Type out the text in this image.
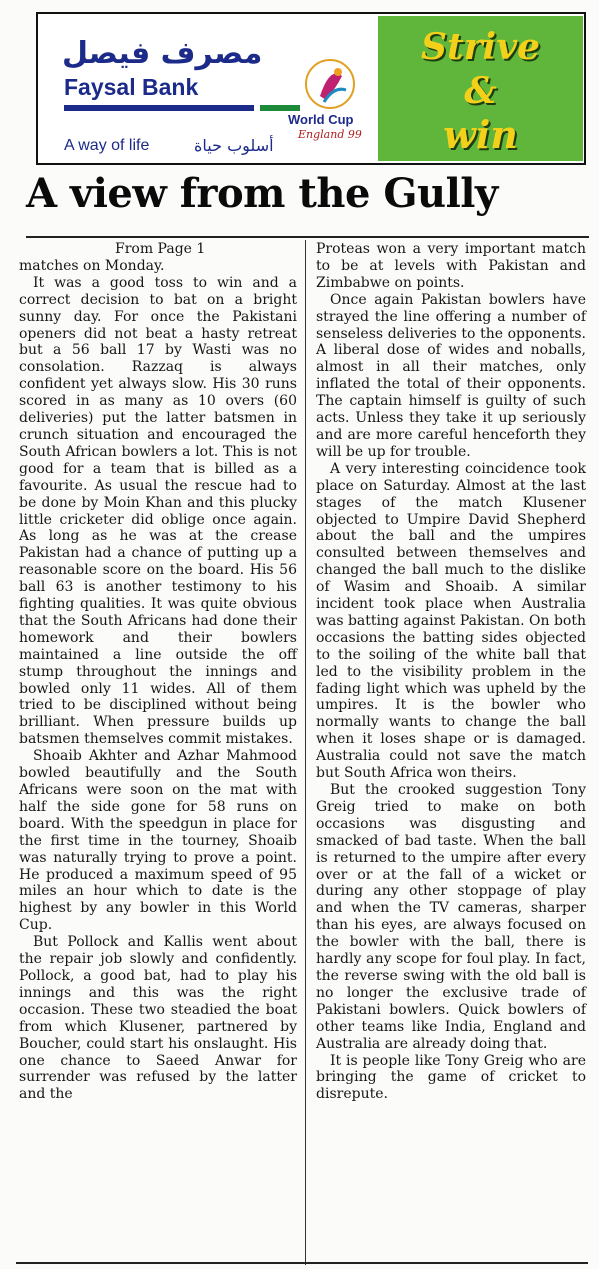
مصرف فيصل
Faysal Bank
A way of life	أسلوب حياة
World Cup
England 99
Strive
&
win
A view from the Gully

From Page 1

matches on Monday.

It was a good toss to win and a correct decision to bat on a bright sunny day. For once the Pakistani openers did not beat a hasty retreat but a 56 ball 17 by Wasti was no consolation. Razzaq is always confident yet always slow. His 30 runs scored in as many as 10 overs (60 deliveries) put the latter batsmen in crunch situation and encouraged the South African bowlers a lot. This is not good for a team that is billed as a favourite. As usual the rescue had to be done by Moin Khan and this plucky little cricketer did oblige once again. As long as he was at the crease Pakistan had a chance of putting up a reasonable score on the board. His 56 ball 63 is another testimony to his fighting qualities. It was quite obvious that the South Africans had done their homework and their bowlers maintained a line outside the off stump throughout the innings and bowled only 11 wides. All of them tried to be disciplined without being brilliant. When pressure builds up batsmen themselves commit mistakes.

Shoaib Akhter and Azhar Mahmood bowled beautifully and the South Africans were soon on the mat with half the side gone for 58 runs on board. With the speedgun in place for the first time in the tourney, Shoaib was naturally trying to prove a point. He produced a maximum speed of 95 miles an hour which to date is the highest by any bowler in this World Cup.

But Pollock and Kallis went about the repair job slowly and confidently. Pollock, a good bat, had to play his innings and this was the right occasion. These two steadied the boat from which Klusener, partnered by Boucher, could start his onslaught. His one chance to Saeed Anwar for surrender was refused by the latter and the

Proteas won a very important match to be at levels with Pakistan and Zimbabwe on points.

Once again Pakistan bowlers have strayed the line offering a number of senseless deliveries to the opponents. A liberal dose of wides and noballs, almost in all their matches, only inflated the total of their opponents. The captain himself is guilty of such acts. Unless they take it up seriously and are more careful henceforth they will be up for trouble.

A very interesting coincidence took place on Saturday. Almost at the last stages of the match Klusener objected to Umpire David Shepherd about the ball and the umpires consulted between themselves and changed the ball much to the dislike of Wasim and Shoaib. A similar incident took place when Australia was batting against Pakistan. On both occasions the batting sides objected to the soiling of the white ball that led to the visibility problem in the fading light which was upheld by the umpires. It is the bowler who normally wants to change the ball when it loses shape or is damaged. Australia could not save the match but South Africa won theirs.

But the crooked suggestion Tony Greig tried to make on both occasions was disgusting and smacked of bad taste. When the ball is returned to the umpire after every over or at the fall of a wicket or during any other stoppage of play and when the TV cameras, sharper than his eyes, are always focused on the bowler with the ball, there is hardly any scope for foul play. In fact, the reverse swing with the old ball is no longer the exclusive trade of Pakistani bowlers. Quick bowlers of other teams like India, England and Australia are already doing that.

It is people like Tony Greig who are bringing the game of cricket to disrepute.
